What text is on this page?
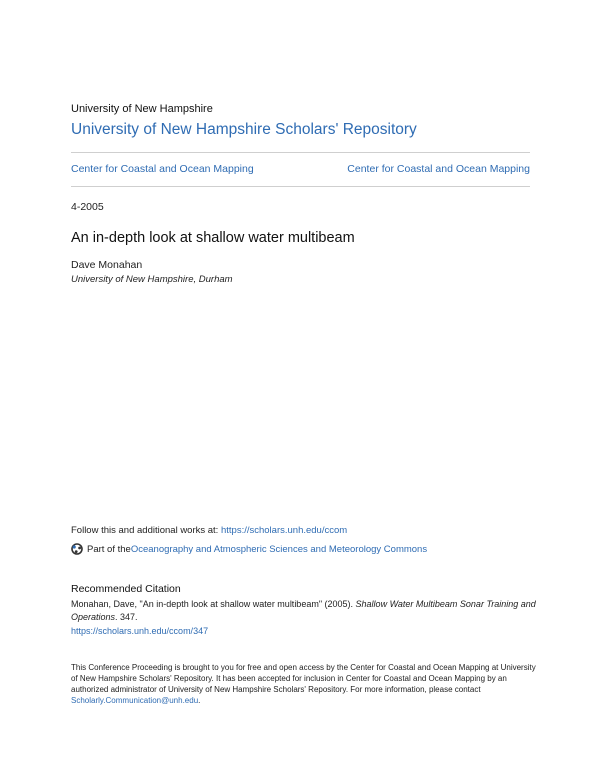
University of New Hampshire
University of New Hampshire Scholars' Repository
Center for Coastal and Ocean Mapping	Center for Coastal and Ocean Mapping
4-2005
An in-depth look at shallow water multibeam
Dave Monahan
University of New Hampshire, Durham
Follow this and additional works at: https://scholars.unh.edu/ccom
Part of the Oceanography and Atmospheric Sciences and Meteorology Commons
Recommended Citation
Monahan, Dave, "An in-depth look at shallow water multibeam" (2005). Shallow Water Multibeam Sonar Training and Operations. 347.
https://scholars.unh.edu/ccom/347
This Conference Proceeding is brought to you for free and open access by the Center for Coastal and Ocean Mapping at University of New Hampshire Scholars' Repository. It has been accepted for inclusion in Center for Coastal and Ocean Mapping by an authorized administrator of University of New Hampshire Scholars' Repository. For more information, please contact Scholarly.Communication@unh.edu.
